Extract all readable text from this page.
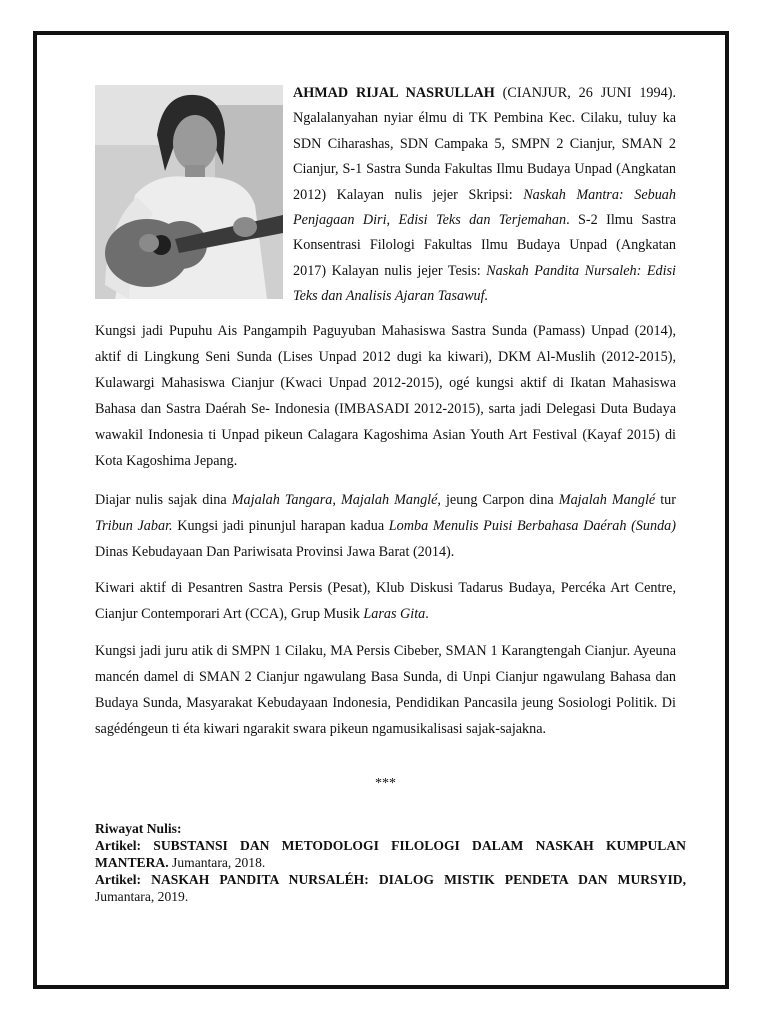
AHMAD RIJAL NASRULLAH (CIANJUR, 26 JUNI 1994). Ngalalanyahan nyiar élmu di TK Pembina Kec. Cilaku, tuluy ka SDN Ciharashas, SDN Campaka 5, SMPN 2 Cianjur, SMAN 2 Cianjur, S-1 Sastra Sunda Fakultas Ilmu Budaya Unpad (Angkatan 2012) Kalayan nulis jejer Skripsi: Naskah Mantra: Sebuah Penjagaan Diri, Edisi Teks dan Terjemahan. S-2 Ilmu Sastra Konsentrasi Filologi Fakultas Ilmu Budaya Unpad (Angkatan 2017) Kalayan nulis jejer Tesis: Naskah Pandita Nursaleh: Edisi Teks dan Analisis Ajaran Tasawuf.

Kungsi jadi Pupuhu Ais Pangampih Paguyuban Mahasiswa Sastra Sunda (Pamass) Unpad (2014), aktif di Lingkung Seni Sunda (Lises Unpad 2012 dugi ka kiwari), DKM Al-Muslih (2012-2015), Kulawargi Mahasiswa Cianjur (Kwaci Unpad 2012-2015), ogé kungsi aktif di Ikatan Mahasiswa Bahasa dan Sastra Daérah Se- Indonesia (IMBASADI 2012-2015), sarta jadi Delegasi Duta Budaya wawakil Indonesia ti Unpad pikeun Calagara Kagoshima Asian Youth Art Festival (Kayaf 2015) di Kota Kagoshima Jepang.

Diajar nulis sajak dina Majalah Tangara, Majalah Manglé, jeung Carpon dina Majalah Manglé tur Tribun Jabar. Kungsi jadi pinunjul harapan kadua Lomba Menulis Puisi Berbahasa Daérah (Sunda) Dinas Kebudayaan Dan Pariwisata Provinsi Jawa Barat (2014).

Kiwari aktif di Pesantren Sastra Persis (Pesat), Klub Diskusi Tadarus Budaya, Percéka Art Centre, Cianjur Contemporari Art (CCA), Grup Musik Laras Gita.

Kungsi jadi juru atik di SMPN 1 Cilaku, MA Persis Cibeber, SMAN 1 Karangtengah Cianjur. Ayeuna mancén damel di SMAN 2 Cianjur ngawulang Basa Sunda, di Unpi Cianjur ngawulang Bahasa dan Budaya Sunda, Masyarakat Kebudayaan Indonesia, Pendidikan Pancasila jeung Sosiologi Politik. Di sagédéngeun ti éta kiwari ngarakit swara pikeun ngamusikalisasi sajak-sajakna.

***

Riwayat Nulis:
Artikel: SUBSTANSI DAN METODOLOGI FILOLOGI DALAM NASKAH KUMPULAN MANTERA. Jumantara, 2018.
Artikel: NASKAH PANDITA NURSALÉH: DIALOG MISTIK PENDETA DAN MURSYID, Jumantara, 2019.
